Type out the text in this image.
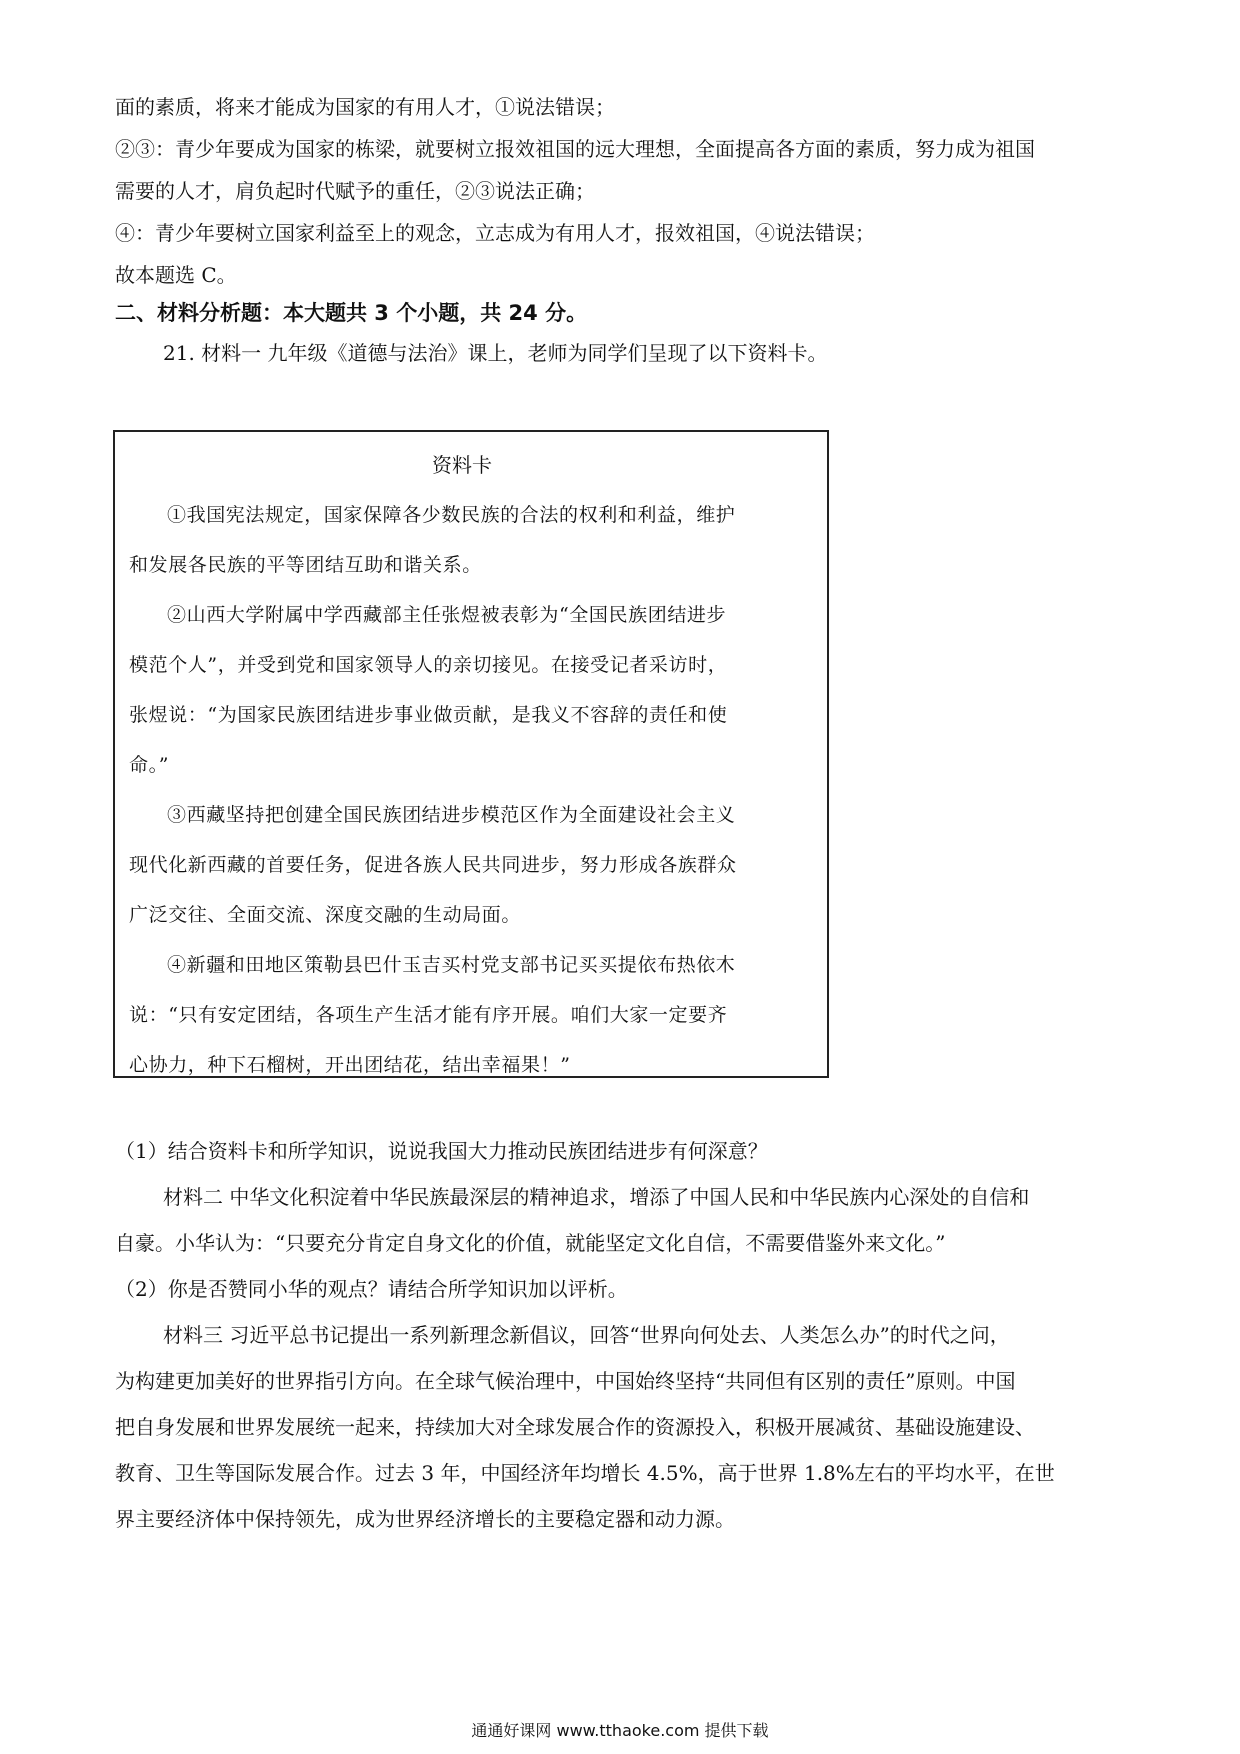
面的素质，将来才能成为国家的有用人才，①说法错误；

②③：青少年要成为国家的栋梁，就要树立报效祖国的远大理想，全面提高各方面的素质，努力成为祖国

需要的人才，肩负起时代赋予的重任，②③说法正确；

④：青少年要树立国家利益至上的观念，立志成为有用人才，报效祖国，④说法错误；

故本题选 C。

二、材料分析题：本大题共 3 个小题，共 24 分。

21. 材料一 九年级《道德与法治》课上，老师为同学们呈现了以下资料卡。

资料卡

①我国宪法规定，国家保障各少数民族的合法的权利和利益，维护
和发展各民族的平等团结互助和谐关系。

②山西大学附属中学西藏部主任张煜被表彰为“全国民族团结进步
模范个人”，并受到党和国家领导人的亲切接见。在接受记者采访时，
张煜说：“为国家民族团结进步事业做贡献，是我义不容辞的责任和使
命。”

③西藏坚持把创建全国民族团结进步模范区作为全面建设社会主义
现代化新西藏的首要任务，促进各族人民共同进步，努力形成各族群众
广泛交往、全面交流、深度交融的生动局面。

④新疆和田地区策勒县巴什玉吉买村党支部书记买买提依布热依木
说：“只有安定团结，各项生产生活才能有序开展。咱们大家一定要齐
心协力，种下石榴树，开出团结花，结出幸福果！”

（1）结合资料卡和所学知识，说说我国大力推动民族团结进步有何深意？

材料二 中华文化积淀着中华民族最深层的精神追求，增添了中国人民和中华民族内心深处的自信和

自豪。小华认为：“只要充分肯定自身文化的价值，就能坚定文化自信，不需要借鉴外来文化。”

（2）你是否赞同小华的观点？请结合所学知识加以评析。

材料三 习近平总书记提出一系列新理念新倡议，回答“世界向何处去、人类怎么办”的时代之问，

为构建更加美好的世界指引方向。在全球气候治理中，中国始终坚持“共同但有区别的责任”原则。中国

把自身发展和世界发展统一起来，持续加大对全球发展合作的资源投入，积极开展减贫、基础设施建设、

教育、卫生等国际发展合作。过去 3 年，中国经济年均增长 4.5%，高于世界 1.8%左右的平均水平，在世

界主要经济体中保持领先，成为世界经济增长的主要稳定器和动力源。

通通好课网 www.tthaoke.com 提供下载
